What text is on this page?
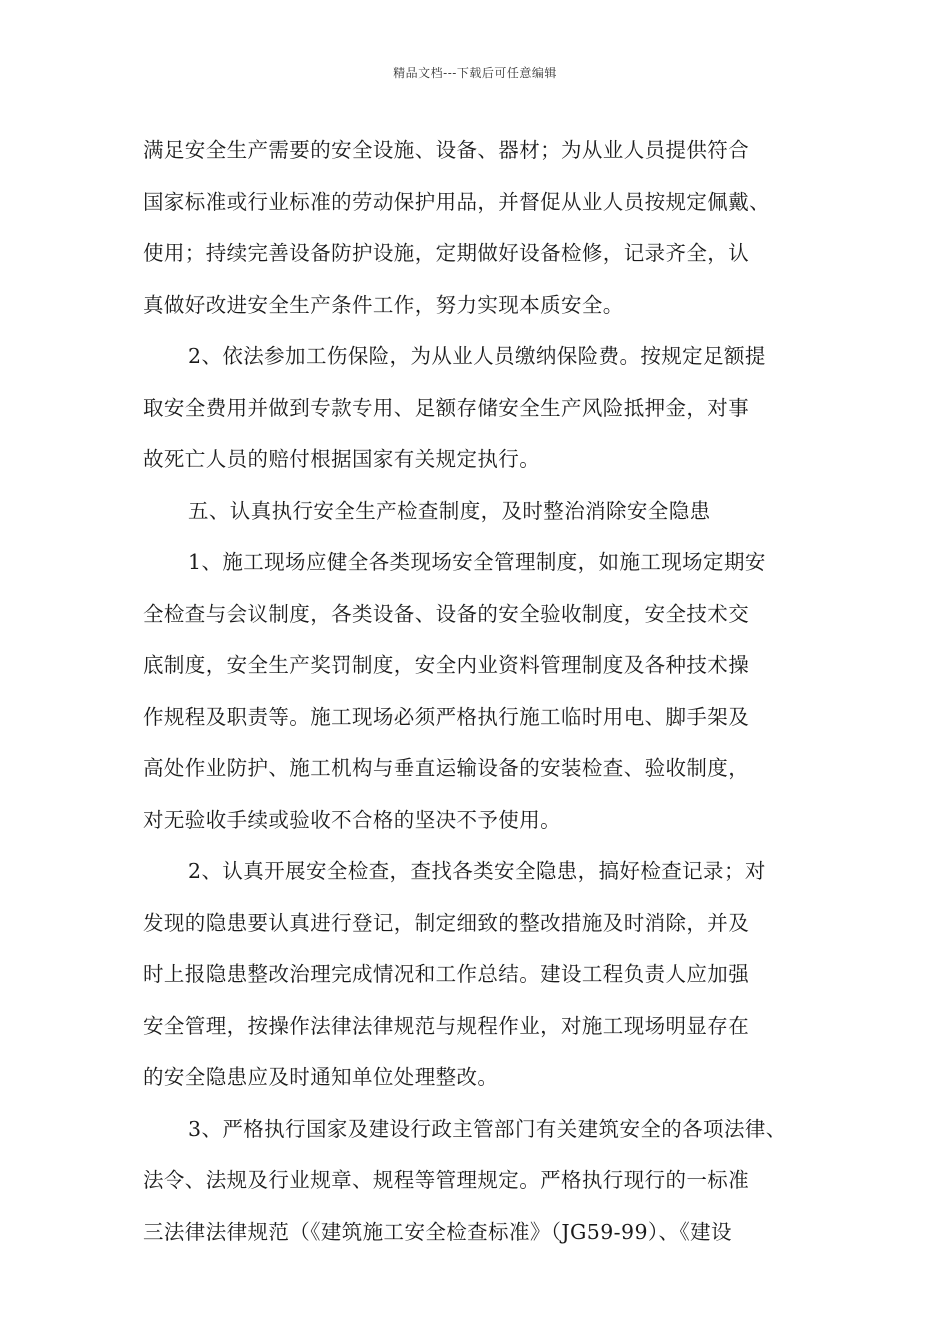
精品文档---下载后可任意编辑
满足安全生产需要的安全设施、设备、器材；为从业人员提供符合
国家标准或行业标准的劳动保护用品，并督促从业人员按规定佩戴、
使用；持续完善设备防护设施，定期做好设备检修，记录齐全，认
真做好改进安全生产条件工作，努力实现本质安全。
2、依法参加工伤保险，为从业人员缴纳保险费。按规定足额提
取安全费用并做到专款专用、足额存储安全生产风险抵押金，对事
故死亡人员的赔付根据国家有关规定执行。
五、认真执行安全生产检查制度，及时整治消除安全隐患
1、施工现场应健全各类现场安全管理制度，如施工现场定期安
全检查与会议制度，各类设备、设备的安全验收制度，安全技术交
底制度，安全生产奖罚制度，安全内业资料管理制度及各种技术操
作规程及职责等。施工现场必须严格执行施工临时用电、脚手架及
高处作业防护、施工机构与垂直运输设备的安装检查、验收制度，
对无验收手续或验收不合格的坚决不予使用。
2、认真开展安全检查，查找各类安全隐患，搞好检查记录；对
发现的隐患要认真进行登记，制定细致的整改措施及时消除，并及
时上报隐患整改治理完成情况和工作总结。建设工程负责人应加强
安全管理，按操作法律法律规范与规程作业，对施工现场明显存在
的安全隐患应及时通知单位处理整改。
3、严格执行国家及建设行政主管部门有关建筑安全的各项法律、
法令、法规及行业规章、规程等管理规定。严格执行现行的一标准
三法律法律规范（《建筑施工安全检查标准》（JG59-99）、《建设
